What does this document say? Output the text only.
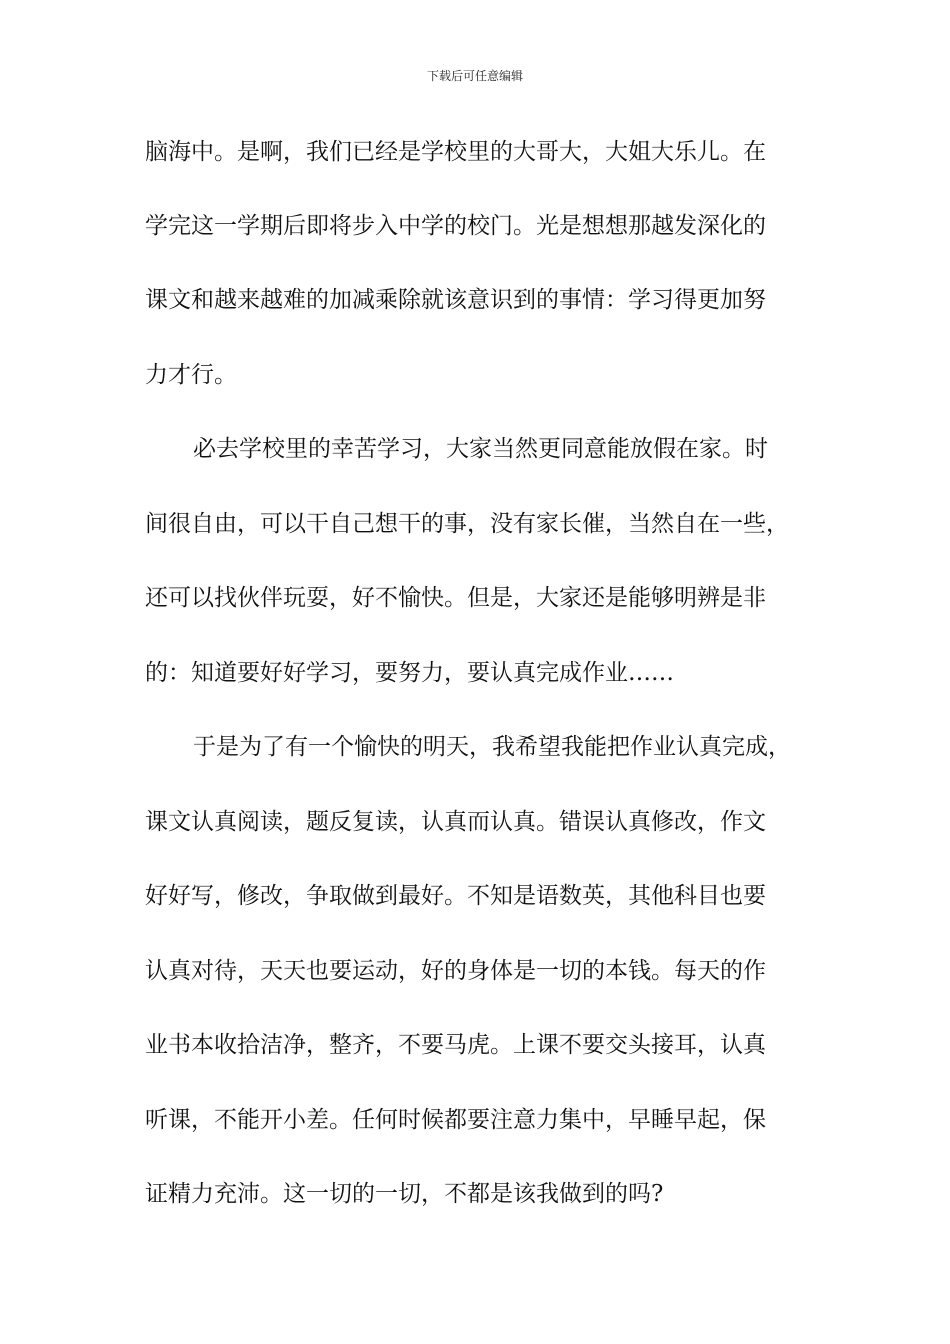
下载后可任意编辑
脑海中。是啊，我们已经是学校里的大哥大，大姐大乐儿。在
学完这一学期后即将步入中学的校门。光是想想那越发深化的
课文和越来越难的加减乘除就该意识到的事情：学习得更加努
力才行。
必去学校里的幸苦学习，大家当然更同意能放假在家。时
间很自由，可以干自己想干的事，没有家长催，当然自在一些，
还可以找伙伴玩耍，好不愉快。但是，大家还是能够明辨是非
的：知道要好好学习，要努力，要认真完成作业……
于是为了有一个愉快的明天，我希望我能把作业认真完成，
课文认真阅读，题反复读，认真而认真。错误认真修改，作文
好好写，修改，争取做到最好。不知是语数英，其他科目也要
认真对待，天天也要运动，好的身体是一切的本钱。每天的作
业书本收拾洁净，整齐，不要马虎。上课不要交头接耳，认真
听课，不能开小差。任何时候都要注意力集中，早睡早起，保
证精力充沛。这一切的一切，不都是该我做到的吗?
